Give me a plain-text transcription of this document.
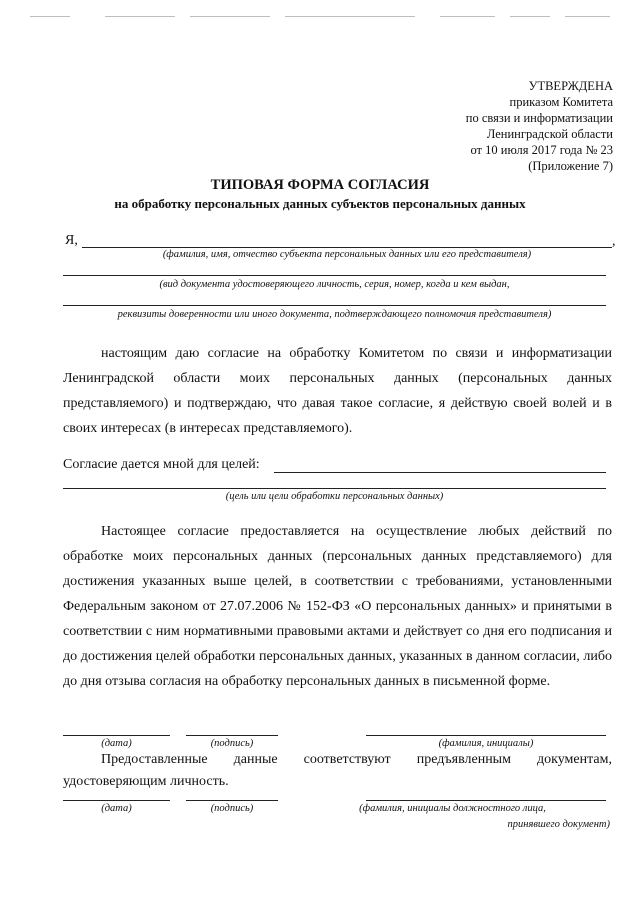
УТВЕРЖДЕНА
приказом Комитета
по связи и информатизации
Ленинградской области
от 10 июля 2017 года № 23
(Приложение 7)
ТИПОВАЯ ФОРМА СОГЛАСИЯ
на обработку персональных данных субъектов персональных данных
Я,	,
(фамилия, имя, отчество субъекта персональных данных или его представителя)
(вид документа удостоверяющего личность, серия, номер, когда и кем выдан,
реквизиты доверенности или иного документа, подтверждающего полномочия представителя)
настоящим даю согласие на обработку Комитетом по связи и информатизации Ленинградской области моих персональных данных (персональных данных представляемого) и подтверждаю, что давая такое согласие, я действую своей волей и в своих интересах (в интересах представляемого).
Согласие дается мной для целей:
(цель или цели обработки персональных данных)
Настоящее согласие предоставляется на осуществление любых действий по обработке моих персональных данных (персональных данных представляемого) для достижения указанных выше целей, в соответствии с требованиями, установленными Федеральным законом от 27.07.2006 № 152-ФЗ «О персональных данных» и принятыми в соответствии с ним нормативными правовыми актами и действует со дня его подписания и до достижения целей обработки персональных данных, указанных в данном согласии, либо до дня отзыва согласия на обработку персональных данных в письменной форме.
(дата)	(подпись)	(фамилия, инициалы)
Предоставленные данные соответствуют предъявленным документам, удостоверяющим личность.
(дата)	(подпись)	(фамилия, инициалы должностного лица,
принявшего документ)
